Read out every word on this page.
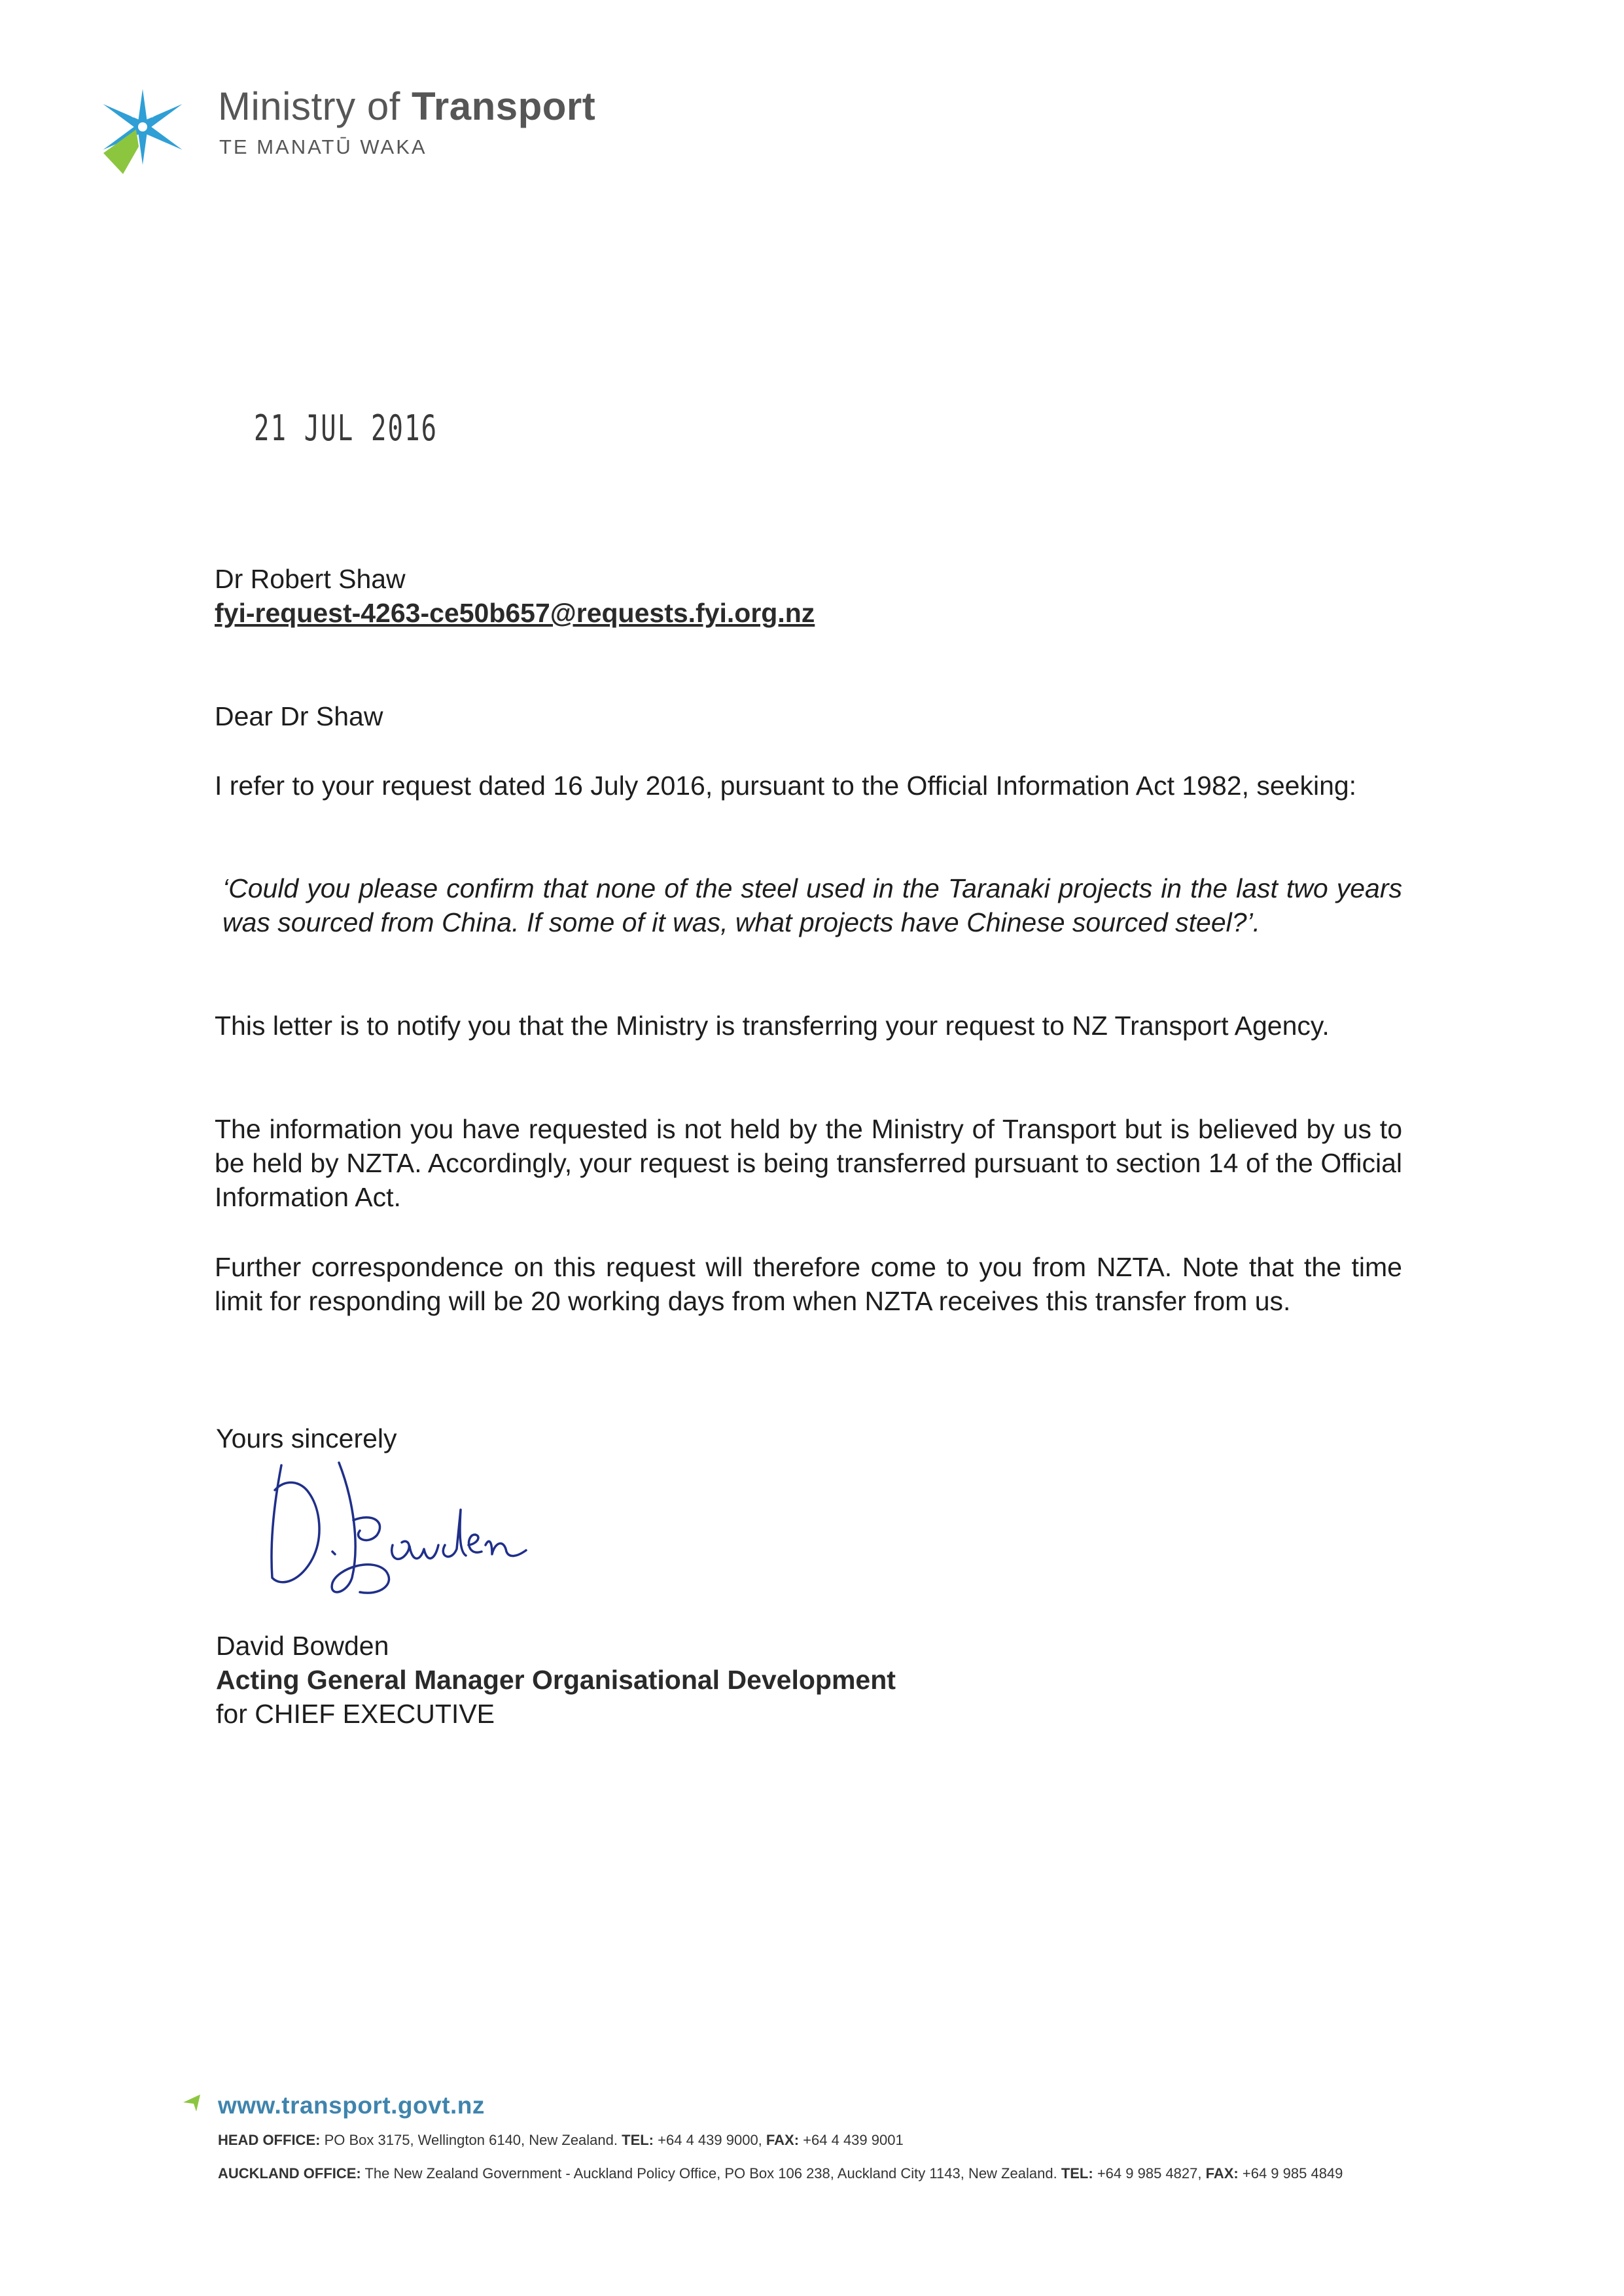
Ministry of Transport
TE MANATŪ WAKA
21 JUL 2016
Dr Robert Shaw
fyi-request-4263-ce50b657@requests.fyi.org.nz
Dear Dr Shaw
I refer to your request dated 16 July 2016, pursuant to the Official Information Act 1982, seeking:
‘Could you please confirm that none of the steel used in the Taranaki projects in the last two years was sourced from China. If some of it was, what projects have Chinese sourced steel?’.
This letter is to notify you that the Ministry is transferring your request to NZ Transport Agency.
The information you have requested is not held by the Ministry of Transport but is believed by us to be held by NZTA. Accordingly, your request is being transferred pursuant to section 14 of the Official Information Act.
Further correspondence on this request will therefore come to you from NZTA. Note that the time limit for responding will be 20 working days from when NZTA receives this transfer from us.
Yours sincerely
David Bowden
Acting General Manager Organisational Development
for CHIEF EXECUTIVE
www.transport.govt.nz
HEAD OFFICE: PO Box 3175, Wellington 6140, New Zealand. TEL: +64 4 439 9000, FAX: +64 4 439 9001
AUCKLAND OFFICE: The New Zealand Government - Auckland Policy Office, PO Box 106 238, Auckland City 1143, New Zealand. TEL: +64 9 985 4827, FAX: +64 9 985 4849
